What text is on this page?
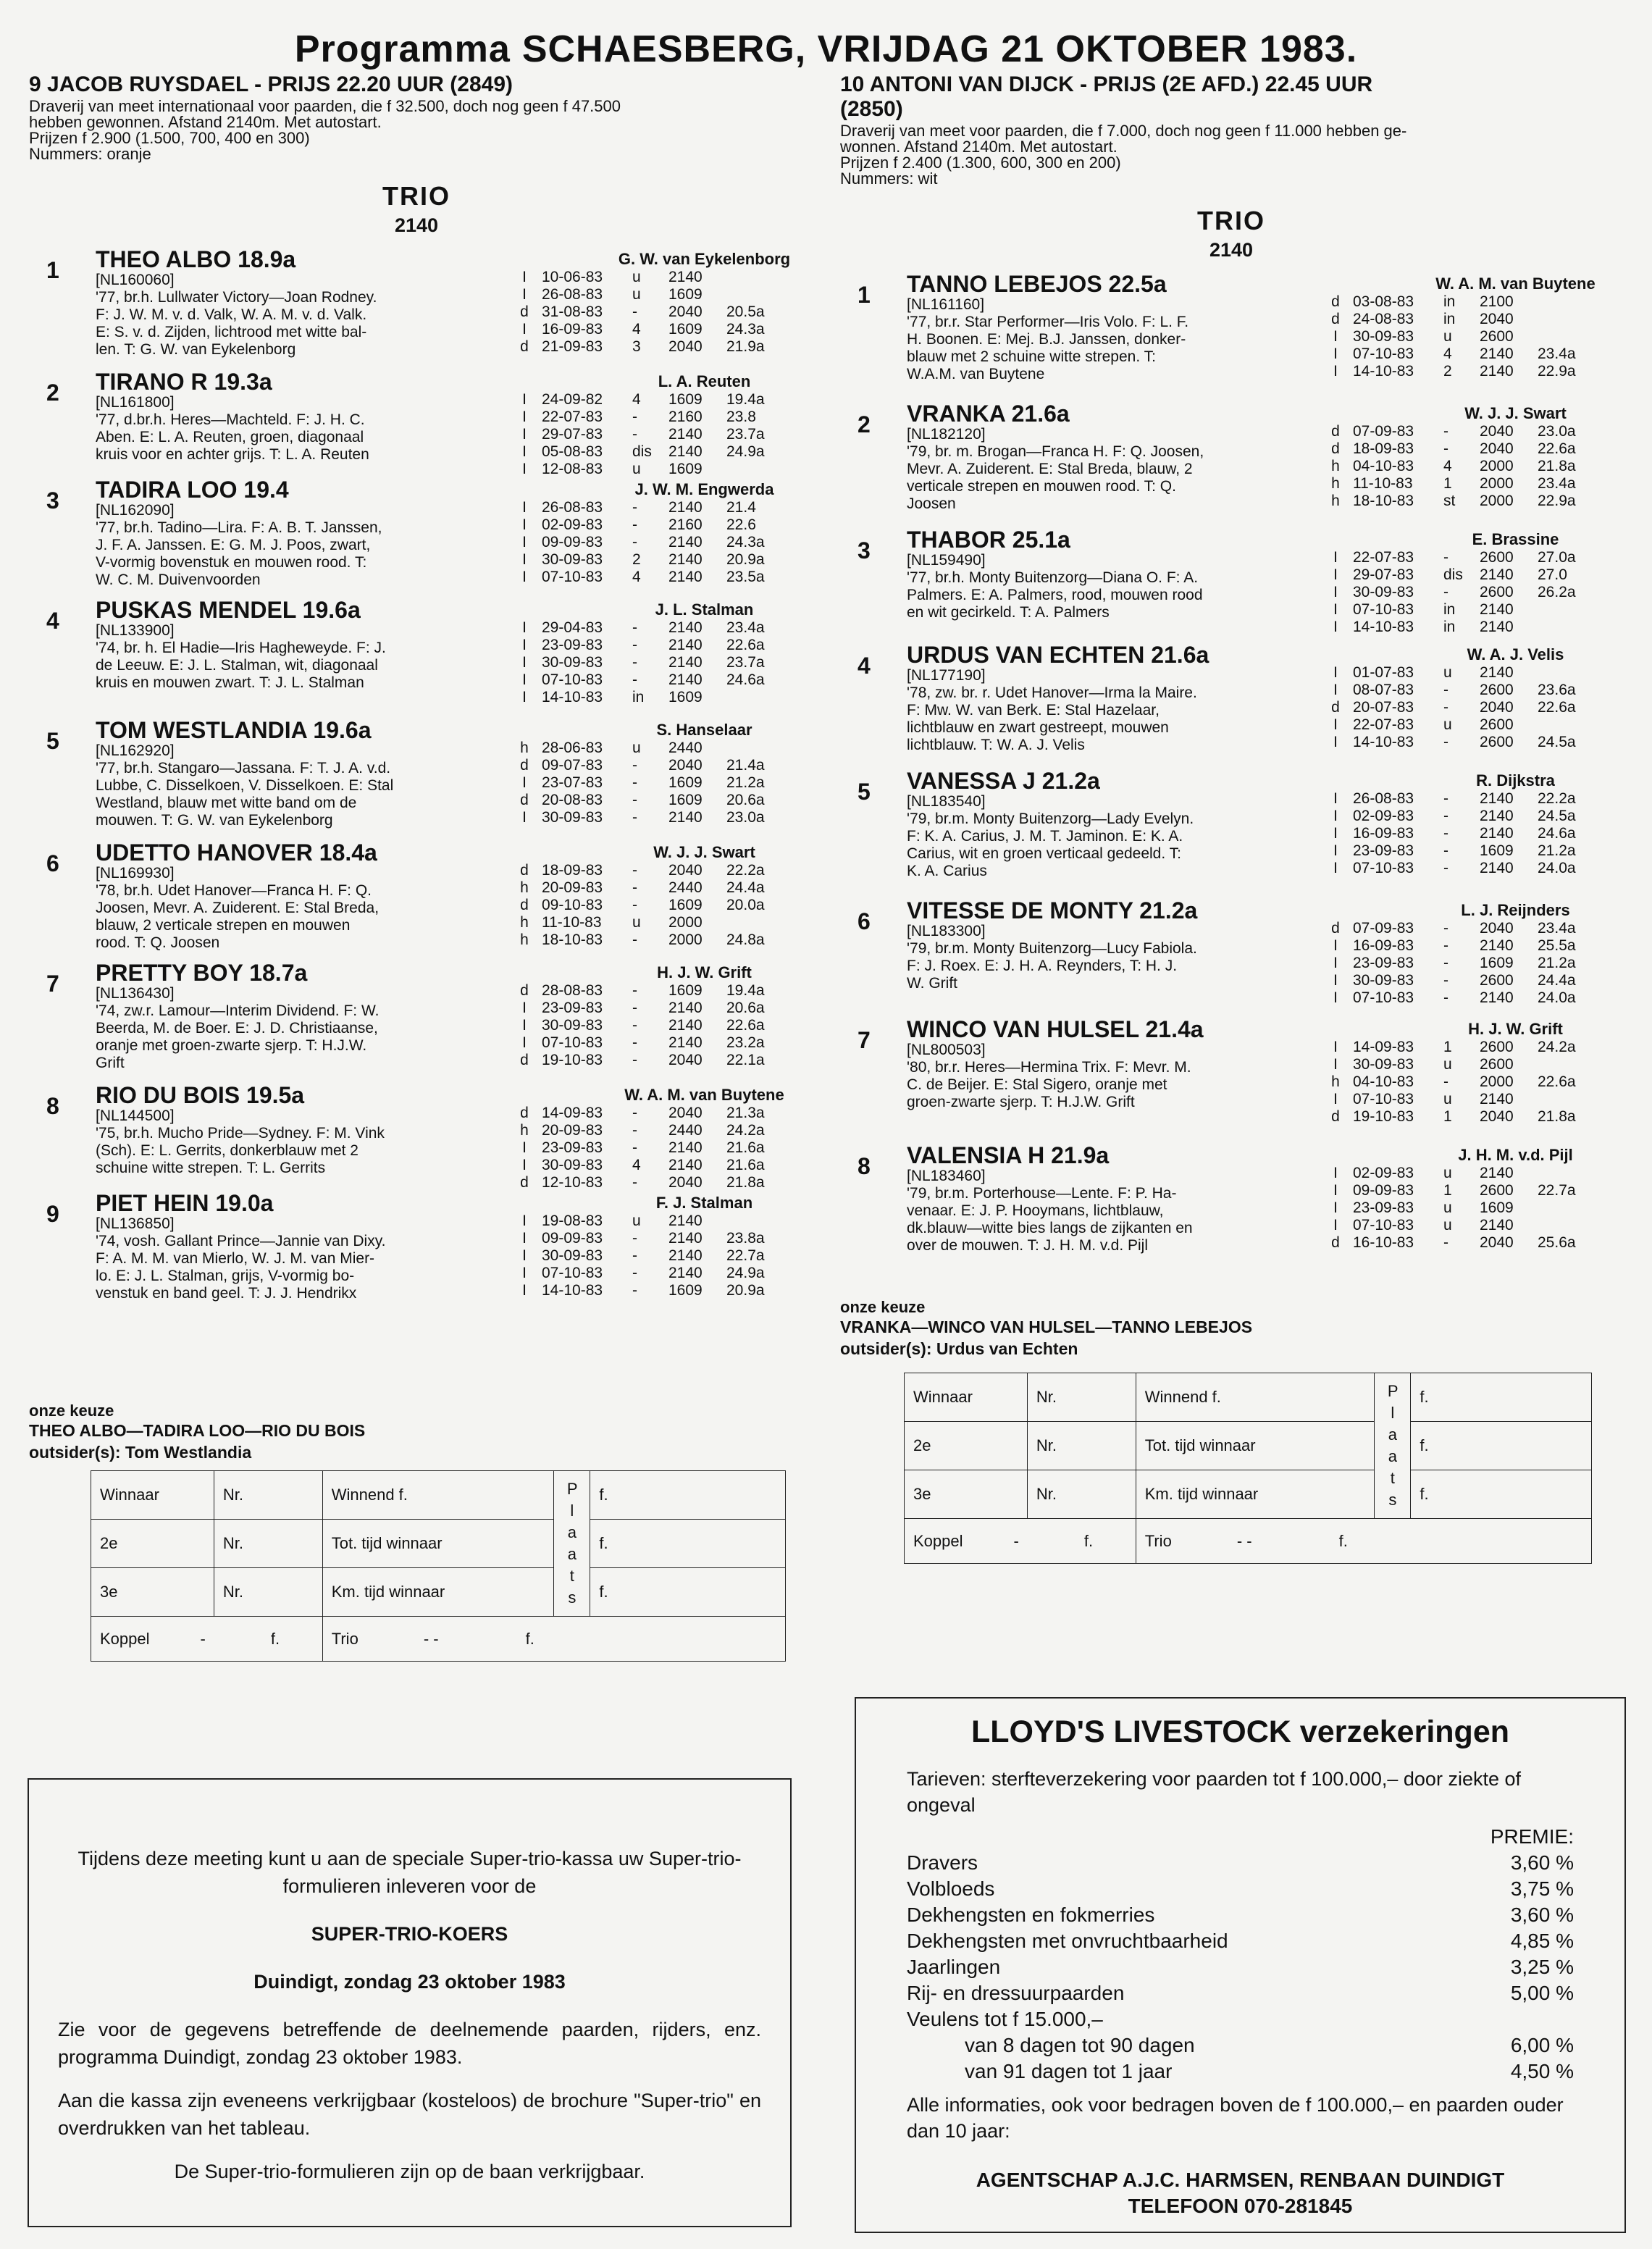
Programma SCHAESBERG, VRIJDAG 21 OKTOBER 1983.
9 JACOB RUYSDAEL - PRIJS 22.20 UUR (2849)
Draverij van meet internationaal voor paarden, die f 32.500, doch nog geen f 47.500
hebben gewonnen. Afstand 2140m. Met autostart.
Prijzen f 2.900 (1.500, 700, 400 en 300)
Nummers: oranje
TRIO
2140
1 THEO ALBO 18.9a
[NL160060]
'77, br.h. Lullwater Victory—Joan Rodney.
F: J. W. M. v. d. Valk, W. A. M. v. d. Valk.
E: S. v. d. Zijden, lichtrood met witte bal-
len. T: G. W. van Eykelenborg
G. W. van Eykelenborg
I	10-06-83	u	2140
I	26-08-83	u	1609
d 31-08-83	-	2040	20.5a
I	16-09-83	4	1609	24.3a
d 21-09-83	3	2040	21.9a
2 TIRANO R 19.3a
[NL161800]
'77, d.br.h. Heres—Machteld. F: J. H. C.
Aben. E: L. A. Reuten, groen, diagonaal
kruis voor en achter grijs. T: L. A. Reuten
L. A. Reuten
I	24-09-82	4	1609	19.4a
I	22-07-83	-	2160	23.8
I	29-07-83	-	2140	23.7a
I	05-08-83	dis	2140	24.9a
I	12-08-83	u	1609
3 TADIRA LOO 19.4
[NL162090]
'77, br.h. Tadino—Lira. F: A. B. T. Janssen,
J. F. A. Janssen. E: G. M. J. Poos, zwart,
V-vormig bovenstuk en mouwen rood. T:
W. C. M. Duivenvoorden
J. W. M. Engwerda
I	26-08-83	-	2140	21.4
I	02-09-83	-	2160	22.6
I	09-09-83	-	2140	24.3a
I	30-09-83	2	2140	20.9a
I	07-10-83	4	2140	23.5a
4 PUSKAS MENDEL 19.6a
[NL133900]
'74, br. h. El Hadie—Iris Hagheweyde. F: J.
de Leeuw. E: J. L. Stalman, wit, diagonaal
kruis en mouwen zwart. T: J. L. Stalman
J. L. Stalman
I	29-04-83	-	2140	23.4a
I	23-09-83	-	2140	22.6a
I	30-09-83	-	2140	23.7a
I	07-10-83	-	2140	24.6a
I	14-10-83	in	1609
5 TOM WESTLANDIA 19.6a
[NL162920]
'77, br.h. Stangaro—Jassana. F: T. J. A. v.d.
Lubbe, C. Disselkoen, V. Disselkoen. E: Stal
Westland, blauw met witte band om de
mouwen. T: G. W. van Eykelenborg
S. Hanselaar
h 28-06-83	u	2440
d 09-07-83	-	2040	21.4a
I	23-07-83	-	1609	21.2a
d 20-08-83	-	1609	20.6a
I	30-09-83	-	2140	23.0a
6 UDETTO HANOVER 18.4a
[NL169930]
'78, br.h. Udet Hanover—Franca H. F: Q.
Joosen, Mevr. A. Zuiderent. E: Stal Breda,
blauw, 2 verticale strepen en mouwen
rood. T: Q. Joosen
W. J. J. Swart
d 18-09-83	-	2040	22.2a
h 20-09-83	-	2440	24.4a
d 09-10-83	-	1609	20.0a
h 11-10-83	u	2000
h 18-10-83	-	2000	24.8a
7 PRETTY BOY 18.7a
[NL136430]
'74, zw.r. Lamour—Interim Dividend. F: W.
Beerda, M. de Boer. E: J. D. Christiaanse,
oranje met groen-zwarte sjerp. T: H.J.W.
Grift
H. J. W. Grift
d 28-08-83	-	1609	19.4a
I	23-09-83	-	2140	20.6a
I	30-09-83	-	2140	22.6a
I	07-10-83	-	2140	23.2a
d 19-10-83	-	2040	22.1a
8 RIO DU BOIS 19.5a
[NL144500]
'75, br.h. Mucho Pride—Sydney. F: M. Vink
(Sch). E: L. Gerrits, donkerblauw met 2
schuine witte strepen. T: L. Gerrits
W. A. M. van Buytene
d 14-09-83	-	2040	21.3a
h 20-09-83	-	2440	24.2a
I	23-09-83	-	2140	21.6a
I	30-09-83	4	2140	21.6a
d 12-10-83	-	2040	21.8a
9 PIET HEIN 19.0a
[NL136850]
'74, vosh. Gallant Prince—Jannie van Dixy.
F: A. M. M. van Mierlo, W. J. M. van Mier-
lo. E: J. L. Stalman, grijs, V-vormig bo-
venstuk en band geel. T: J. J. Hendrikx
F. J. Stalman
I	19-08-83	u	2140
I	09-09-83	-	2140	23.8a
I	30-09-83	-	2140	22.7a
I	07-10-83	-	2140	24.9a
I	14-10-83	-	1609	20.9a
10 ANTONI VAN DIJCK - PRIJS (2E AFD.) 22.45 UUR
(2850)
Draverij van meet voor paarden, die f 7.000, doch nog geen f 11.000 hebben ge-
wonnen. Afstand 2140m. Met autostart.
Prijzen f 2.400 (1.300, 600, 300 en 200)
Nummers: wit
TRIO
2140
1 TANNO LEBEJOS 22.5a
[NL161160]
'77, br.r. Star Performer—Iris Volo. F: L. F.
H. Boonen. E: Mej. B.J. Janssen, donker-
blauw met 2 schuine witte strepen. T:
W.A.M. van Buytene
W. A. M. van Buytene
d 03-08-83	in	2100
d 24-08-83	in	2040
I	30-09-83	u	2600
I	07-10-83	4	2140	23.4a
I	14-10-83	2	2140	22.9a
2 VRANKA 21.6a
[NL182120]
'79, br. m. Brogan—Franca H. F: Q. Joosen,
Mevr. A. Zuiderent. E: Stal Breda, blauw, 2
verticale strepen en mouwen rood. T: Q.
Joosen
W. J. J. Swart
d 07-09-83	-	2040	23.0a
d 18-09-83	-	2040	22.6a
h 04-10-83	4	2000	21.8a
h 11-10-83	1	2000	23.4a
h 18-10-83	st	2000	22.9a
3 THABOR 25.1a
[NL159490]
'77, br.h. Monty Buitenzorg—Diana O. F: A.
Palmers. E: A. Palmers, rood, mouwen rood
en wit gecirkeld. T: A. Palmers
E. Brassine
I	22-07-83	-	2600	27.0a
I	29-07-83	dis	2140	27.0
I	30-09-83	-	2600	26.2a
I	07-10-83	in	2140
I	14-10-83	in	2140
4 URDUS VAN ECHTEN 21.6a
[NL177190]
'78, zw. br. r. Udet Hanover—Irma la Maire.
F: Mw. W. van Berk. E: Stal Hazelaar,
lichtblauw en zwart gestreept, mouwen
lichtblauw. T: W. A. J. Velis
W. A. J. Velis
I	01-07-83	u	2140
I	08-07-83	-	2600	23.6a
d 20-07-83	-	2040	22.6a
I	22-07-83	u	2600
I	14-10-83	-	2600	24.5a
5 VANESSA J 21.2a
[NL183540]
'79, br.m. Monty Buitenzorg—Lady Evelyn.
F: K. A. Carius, J. M. T. Jaminon. E: K. A.
Carius, wit en groen verticaal gedeeld. T:
K. A. Carius
R. Dijkstra
I	26-08-83	-	2140	22.2a
I	02-09-83	-	2140	24.5a
I	16-09-83	-	2140	24.6a
I	23-09-83	-	1609	21.2a
I	07-10-83	-	2140	24.0a
6 VITESSE DE MONTY 21.2a
[NL183300]
'79, br.m. Monty Buitenzorg—Lucy Fabiola.
F: J. Roex. E: J. H. A. Reynders, T: H. J.
W. Grift
L. J. Reijnders
d 07-09-83	-	2040	23.4a
I	16-09-83	-	2140	25.5a
I	23-09-83	-	1609	21.2a
I	30-09-83	-	2600	24.4a
I	07-10-83	-	2140	24.0a
7 WINCO VAN HULSEL 21.4a
[NL800503]
'80, br.r. Heres—Hermina Trix. F: Mevr. M.
C. de Beijer. E: Stal Sigero, oranje met
groen-zwarte sjerp. T: H.J.W. Grift
H. J. W. Grift
I	14-09-83	1	2600	24.2a
I	30-09-83	u	2600
h 04-10-83	-	2000	22.6a
I	07-10-83	u	2140
d 19-10-83	1	2040	21.8a
8 VALENSIA H 21.9a
[NL183460]
'79, br.m. Porterhouse—Lente. F: P. Ha-
venaar. E: J. P. Hooymans, lichtblauw,
dk.blauw—witte bies langs de zijkanten en
over de mouwen. T: J. H. M. v.d. Pijl
J. H. M. v.d. Pijl
I	02-09-83	u	2140
I	09-09-83	1	2600	22.7a
I	23-09-83	u	1609
I	07-10-83	u	2140
d 16-10-83	-	2040	25.6a
onze keuze
THEO ALBO—TADIRA LOO—RIO DU BOIS
outsider(s): Tom Westlandia
Winnaar	Nr.	Winnend f.	P l a a t s	f.
2e	Nr.	Tot. tijd winnaar		f.
3e	Nr.	Km. tijd winnaar		f.
Koppel - f.		Trio - - f.		
onze keuze
VRANKA—WINCO VAN HULSEL—TANNO LEBEJOS
outsider(s): Urdus van Echten
Winnaar	Nr.	Winnend f.	P l a a t s	f.
2e	Nr.	Tot. tijd winnaar		f.
3e	Nr.	Km. tijd winnaar		f.
Koppel - f.		Trio - - f.		
Tijdens deze meeting kunt u aan de speciale Super-trio-kassa uw Super-trio-formulieren inleveren voor de
SUPER-TRIO-KOERS
Duindigt, zondag 23 oktober 1983
Zie voor de gegevens betreffende de deelnemende paarden, rijders, enz. programma Duindigt, zondag 23 oktober 1983.
Aan die kassa zijn eveneens verkrijgbaar (kosteloos) de brochure "Super-trio" en overdrukken van het tableau.
De Super-trio-formulieren zijn op de baan verkrijgbaar.
LLOYD'S LIVESTOCK verzekeringen
Tarieven: sterfteverzekering voor paarden tot f 100.000,– door ziekte of ongeval
PREMIE:
Dravers	3,60 %
Volbloeds	3,75 %
Dekhengsten en fokmerries	3,60 %
Dekhengsten met onvruchtbaarheid	4,85 %
Jaarlingen	3,25 %
Rij- en dressuurpaarden	5,00 %
Veulens tot f 15.000,–
van 8 dagen tot 90 dagen	6,00 %
van 91 dagen tot 1 jaar	4,50 %
Alle informaties, ook voor bedragen boven de f 100.000,– en paarden ouder dan 10 jaar:
AGENTSCHAP A.J.C. HARMSEN, RENBAAN DUINDIGT
TELEFOON 070-281845
